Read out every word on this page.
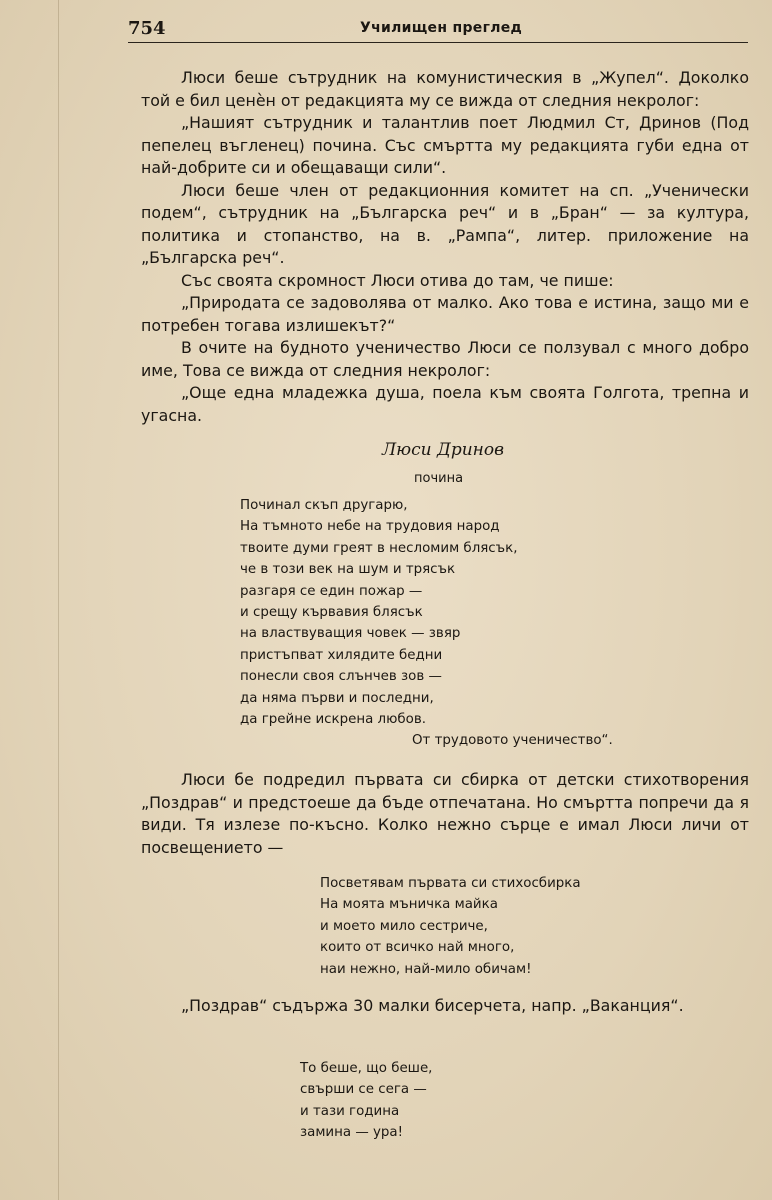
754	Училищен преглед

Люси беше сътрудник на комунистическия в „Жупел“. Доколко той е бил ценѐн от редакцията му се вижда от следния некролог:

„Нашият сътрудник и талантлив поет Людмил Ст, Дринов (Под пепелец въгленец) почина. Със смъртта му редакцията губи една от най-добрите си и обещаващи сили“.

Люси беше член от редакционния комитет на сп. „Ученически подем“, сътрудник на „Българска реч“ и в „Бран“ — за култура, политика и стопанство, на в. „Рампа“, литер. приложение на „Българска реч“.

Със своята скромност Люси отива до там, че пише:

„Природата се задоволява от малко. Ако това е истина, защо ми е потребен тогава излишекът?“

В очите на будното ученичество Люси се ползувал с много добро име, Това се вижда от следния некролог:

„Още една младежка душа, поела към своята Голгота, трепна и угасна.

Люси Дринов
почина
Починал скъп другарю,
На тъмното небе на трудовия народ
твоите думи греят в несломим блясък,
че в този век на шум и трясък
разгаря се един пожар —
и срещу кървавия блясък
на властвуващия човек — звяр
пристъпват хилядите бедни
понесли своя слънчев зов —
да няма първи и последни,
да грейне искрена любов.
От трудовото ученичество“.

Люси бе подредил първата си сбирка от детски стихотворения „Поздрав“ и предстоеше да бъде отпечатана. Но смъртта попречи да я види. Тя излезе по-късно. Колко нежно сърце е имал Люси личи от посвещението —

Посветявам първата си стихосбирка
На моята мъничка майка
и моето мило сестриче,
които от всичко най много,
наи нежно, най-мило обичам!

„Поздрав“ съдържа 30 малки бисерчета, напр. „Ваканция“.

То беше, що беше,
свърши се сега —
и тази година
замина — ура!
